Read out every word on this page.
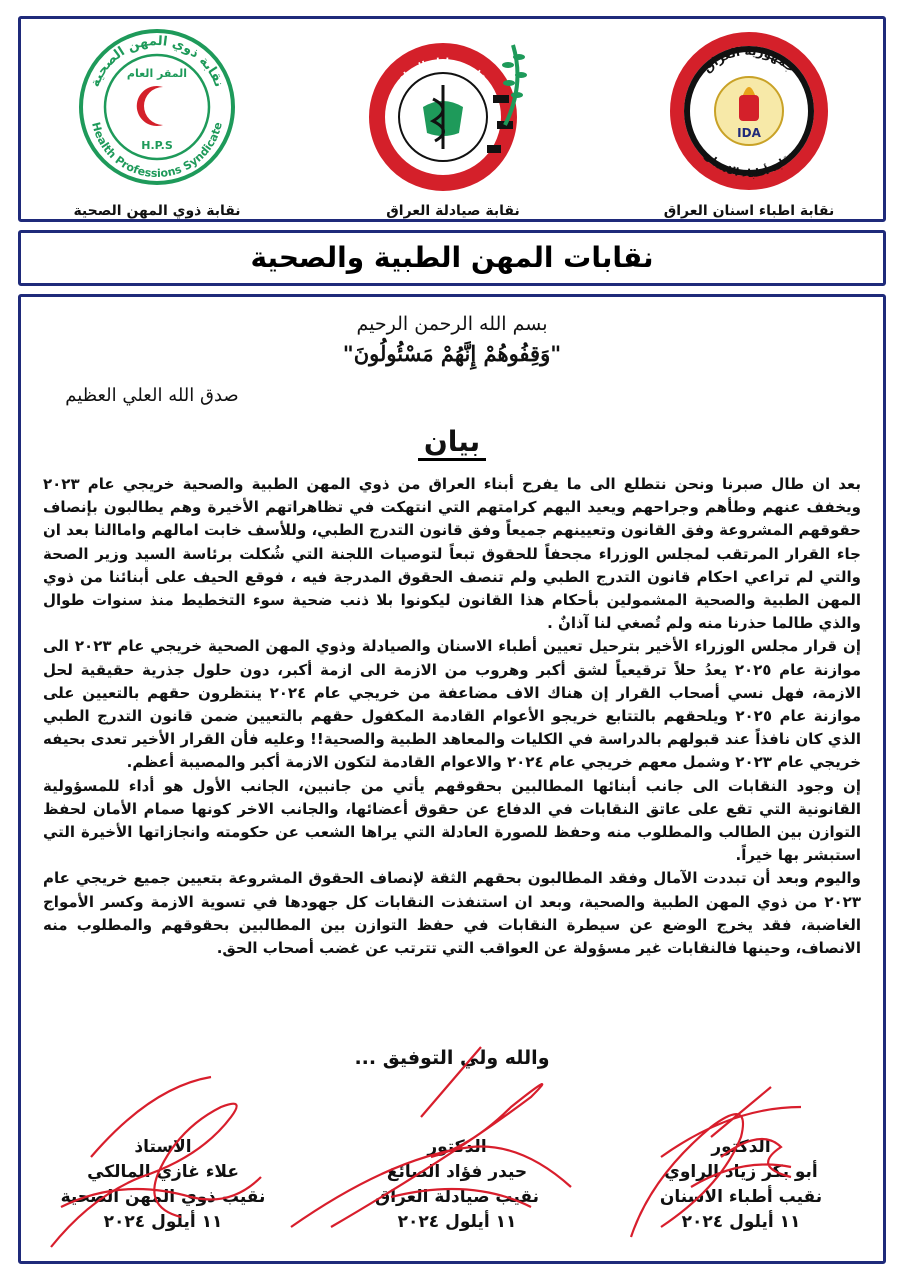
نقابة ذوي المهن الصحية
Health Professions Syndicate
المقر العام
H.P.S
نقابة ذوي المهن الصحية
نقابة صيادلة العراق
نقابة صيادلة العراق
جمهورية العراق
نقابة أطباء الاسنان
IDA
نقابة اطباء اسنان العراق
نقابات المهن الطبية والصحية
بسم الله الرحمن الرحيم
"وَقِفُوهُمْ إِنَّهُمْ مَسْئُولُونَ"
صدق الله العلي العظيم
بيان

بعد ان طال صبرنا ونحن نتطلع الى ما يفرح أبناء العراق من ذوي المهن الطبية والصحية خريجي عام ٢٠٢٣ ويخفف عنهم وطأهم وجراحهم ويعيد اليهم كرامتهم التي انتهكت في تظاهراتهم الأخيرة وهم يطالبون بإنصاف حقوقهم المشروعة وفق القانون وتعيينهم جميعاً وفق قانون التدرج الطبي، وللأسف خابت امالهم واماالنا بعد ان جاء القرار المرتقب لمجلس الوزراء مجحفاً للحقوق تبعاً لتوصيات اللجنة التي شُكلت برئاسة السيد وزير الصحة والتي لم تراعي احكام قانون التدرج الطبي ولم تنصف الحقوق المدرجة فيه ، فوقع الحيف على أبنائنا من ذوي المهن الطبية والصحية المشمولين بأحكام هذا القانون ليكونوا بلا ذنب ضحية سوء التخطيط منذ سنوات طوال والذي طالما حذرنا منه ولم تُصغي لنا آذانٌ .

إن قرار مجلس الوزراء الأخير بترحيل تعيين أطباء الاسنان والصيادلة وذوي المهن الصحية خريجي عام ٢٠٢٣ الى موازنة عام ٢٠٢٥ يعدُ حلاً ترقيعياً لشق أكبر وهروب من الازمة الى ازمة أكبر، دون حلول جذرية حقيقية لحل الازمة، فهل نسي أصحاب القرار إن هناك الاف مضاعفة من خريجي عام ٢٠٢٤ ينتظرون حقهم بالتعيين على موازنة عام ٢٠٢٥ ويلحقهم بالتتابع خريجو الأعوام القادمة المكفول حقهم بالتعيين ضمن قانون التدرج الطبي الذي كان نافذاً عند قبولهم بالدراسة في الكليات والمعاهد الطبية والصحية!! وعليه فأن القرار الأخير تعدى بحيفه خريجي عام ٢٠٢٣ وشمل معهم خريجي عام ٢٠٢٤ والاعوام القادمة لتكون الازمة أكبر والمصيبة أعظم.

إن وجود النقابات الى جانب أبنائها المطالبين بحقوقهم يأتي من جانبين، الجانب الأول هو أداء للمسؤولية القانونية التي تقع على عاتق النقابات في الدفاع عن حقوق أعضائها، والجانب الاخر كونها صمام الأمان لحفظ التوازن بين الطالب والمطلوب منه وحفظ للصورة العادلة التي يراها الشعب عن حكومته وانجازاتها الأخيرة التي استبشر بها خيراً.

واليوم وبعد أن تبددت الآمال وفقد المطالبون بحقهم الثقة لإنصاف الحقوق المشروعة بتعيين جميع خريجي عام ٢٠٢٣ من ذوي المهن الطبية والصحية، وبعد ان استنفذت النقابات كل جهودها في تسوية الازمة وكسر الأمواج الغاضبة، فقد يخرج الوضع عن سيطرة النقابات في حفظ التوازن بين المطالبين بحقوقهم والمطلوب منه الانصاف، وحينها فالنقابات غير مسؤولة عن العواقب التي تترتب عن غضب أصحاب الحق.

والله ولي التوفيق ...
الدكتور
أبو بكر زياد الراوي
نقيب أطباء الاسنان
١١ أيلول ٢٠٢٤
الدكتور
حيدر فؤاد الصائغ
نقيب صيادلة العراق
١١ أيلول ٢٠٢٤
الاستاذ
علاء غازي المالكي
نقيب ذوي المهن الصحية
١١ أيلول ٢٠٢٤
